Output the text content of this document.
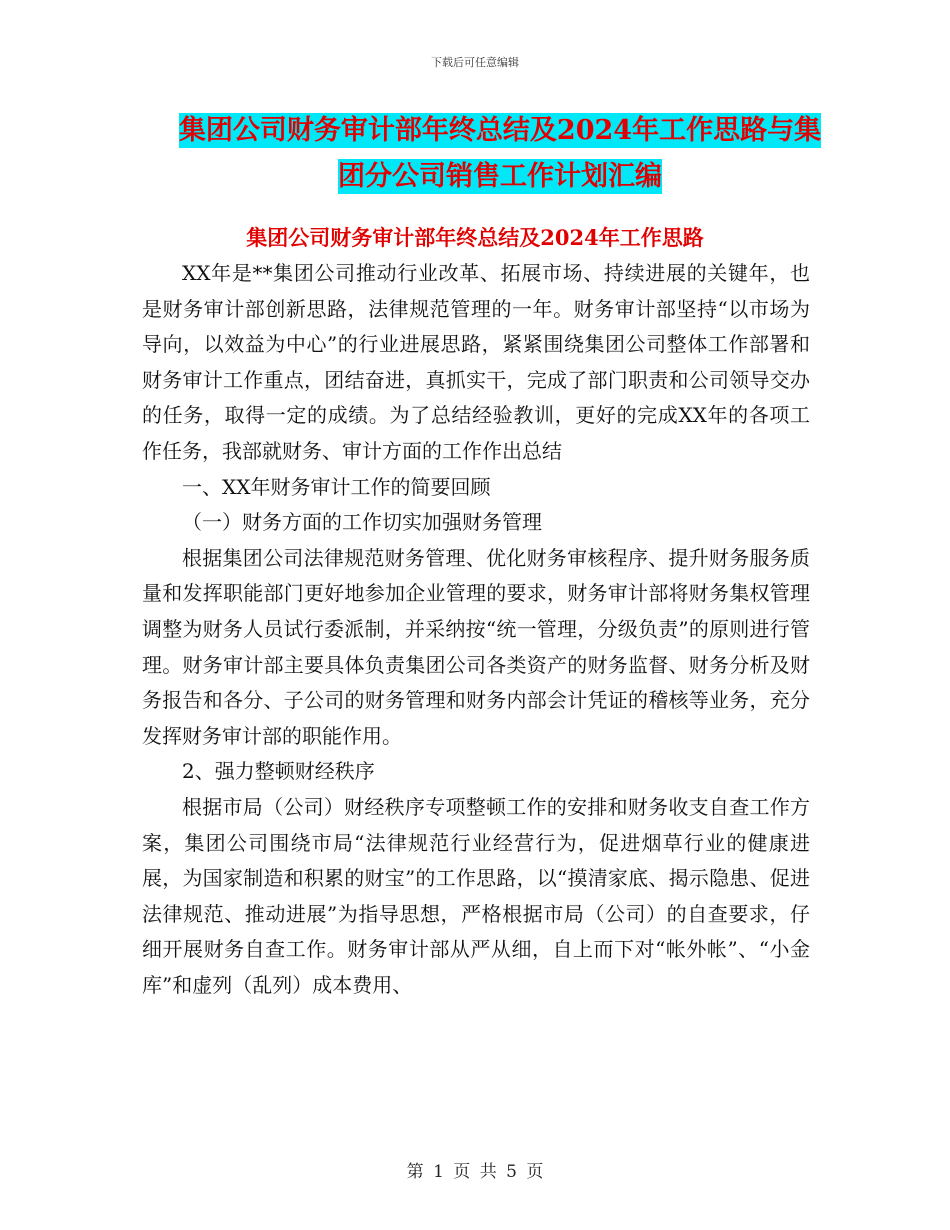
下载后可任意编辑
集团公司财务审计部年终总结及2024年工作思路与集
团分公司销售工作计划汇编
集团公司财务审计部年终总结及2024年工作思路

XX年是**集团公司推动行业改革、拓展市场、持续进展的关键年，也是财务审计部创新思路，法律规范管理的一年。财务审计部坚持“以市场为导向，以效益为中心”的行业进展思路，紧紧围绕集团公司整体工作部署和财务审计工作重点，团结奋进，真抓实干，完成了部门职责和公司领导交办的任务，取得一定的成绩。为了总结经验教训，更好的完成XX年的各项工作任务，我部就财务、审计方面的工作作出总结

一、XX年财务审计工作的简要回顾

（一）财务方面的工作切实加强财务管理

根据集团公司法律规范财务管理、优化财务审核程序、提升财务服务质量和发挥职能部门更好地参加企业管理的要求，财务审计部将财务集权管理调整为财务人员试行委派制，并采纳按“统一管理，分级负责”的原则进行管理。财务审计部主要具体负责集团公司各类资产的财务监督、财务分析及财务报告和各分、子公司的财务管理和财务内部会计凭证的稽核等业务，充分发挥财务审计部的职能作用。

2、强力整顿财经秩序

根据市局（公司）财经秩序专项整顿工作的安排和财务收支自查工作方案，集团公司围绕市局“法律规范行业经营行为，促进烟草行业的健康进展，为国家制造和积累的财宝”的工作思路，以“摸清家底、揭示隐患、促进法律规范、推动进展”为指导思想，严格根据市局（公司）的自查要求，仔细开展财务自查工作。财务审计部从严从细，自上而下对“帐外帐”、“小金库”和虚列（乱列）成本费用、

第 1 页 共 5 页
